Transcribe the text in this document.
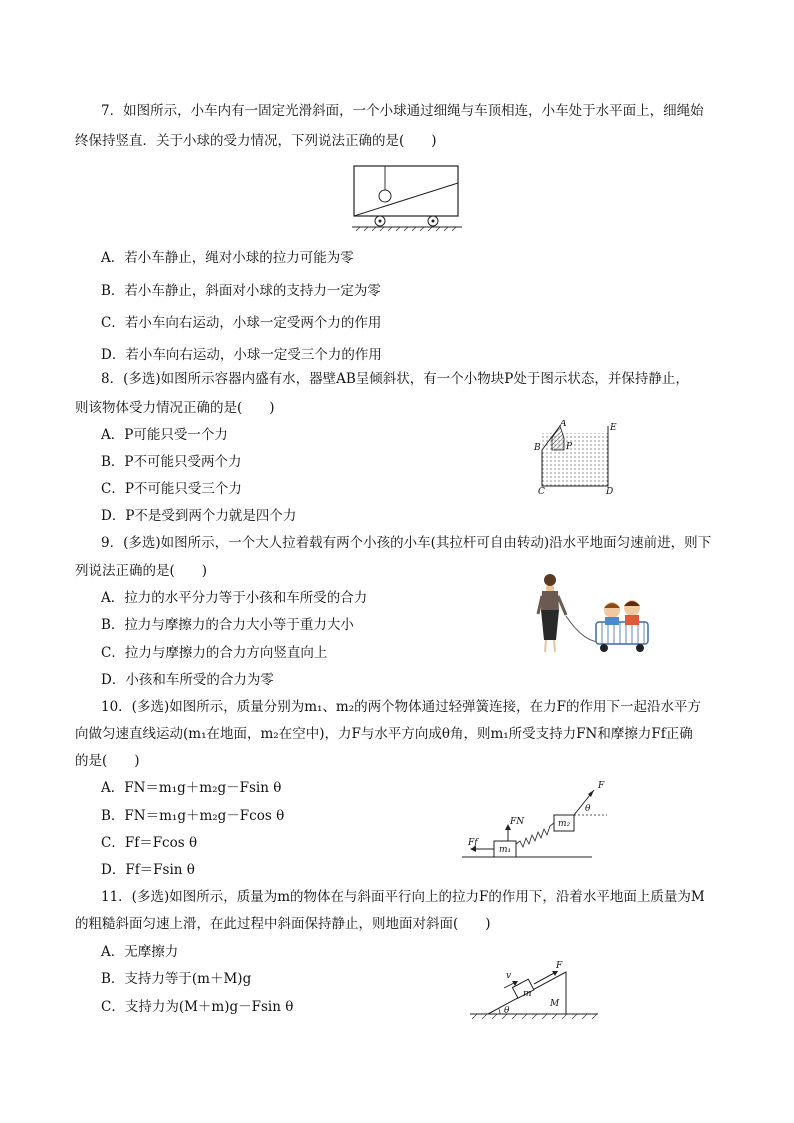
7．如图所示，小车内有一固定光滑斜面，一个小球通过细绳与车顶相连，小车处于水平面上，细绳始
终保持竖直．关于小球的受力情况，下列说法正确的是(　　)
A．若小车静止，绳对小球的拉力可能为零
B．若小车静止，斜面对小球的支持力一定为零
C．若小车向右运动，小球一定受两个力的作用
D．若小车向右运动，小球一定受三个力的作用
8．(多选)如图所示容器内盛有水，器壁AB呈倾斜状，有一个小物块P处于图示状态，并保持静止，
则该物体受力情况正确的是(　　)
A．P可能只受一个力
B．P不可能只受两个力
C．P不可能只受三个力
D．P不是受到两个力就是四个力
A	E
B	P
C	D
9．(多选)如图所示，一个大人拉着载有两个小孩的小车(其拉杆可自由转动)沿水平地面匀速前进，则下
列说法正确的是(　　)
A．拉力的水平分力等于小孩和车所受的合力
B．拉力与摩擦力的合力大小等于重力大小
C．拉力与摩擦力的合力方向竖直向上
D．小孩和车所受的合力为零
10．(多选)如图所示，质量分别为m₁、m₂的两个物体通过轻弹簧连接，在力F的作用下一起沿水平方
向做匀速直线运动(m₁在地面，m₂在空中)，力F与水平方向成θ角，则m₁所受支持力FN和摩擦力Ff正确
的是(　　)
A．FN＝m₁g＋m₂g－Fsin θ
B．FN＝m₁g＋m₂g－Fcos θ
C．Ff＝Fcos θ
D．Ff＝Fsin θ
F
θ
m₂
FN
Ff
m₁
11．(多选)如图所示，质量为m的物体在与斜面平行向上的拉力F的作用下，沿着水平地面上质量为M
的粗糙斜面匀速上滑，在此过程中斜面保持静止，则地面对斜面(　　)
A．无摩擦力
B．支持力等于(m＋M)g
C．支持力为(M＋m)g－Fsin θ
v
F
m
M
θ
